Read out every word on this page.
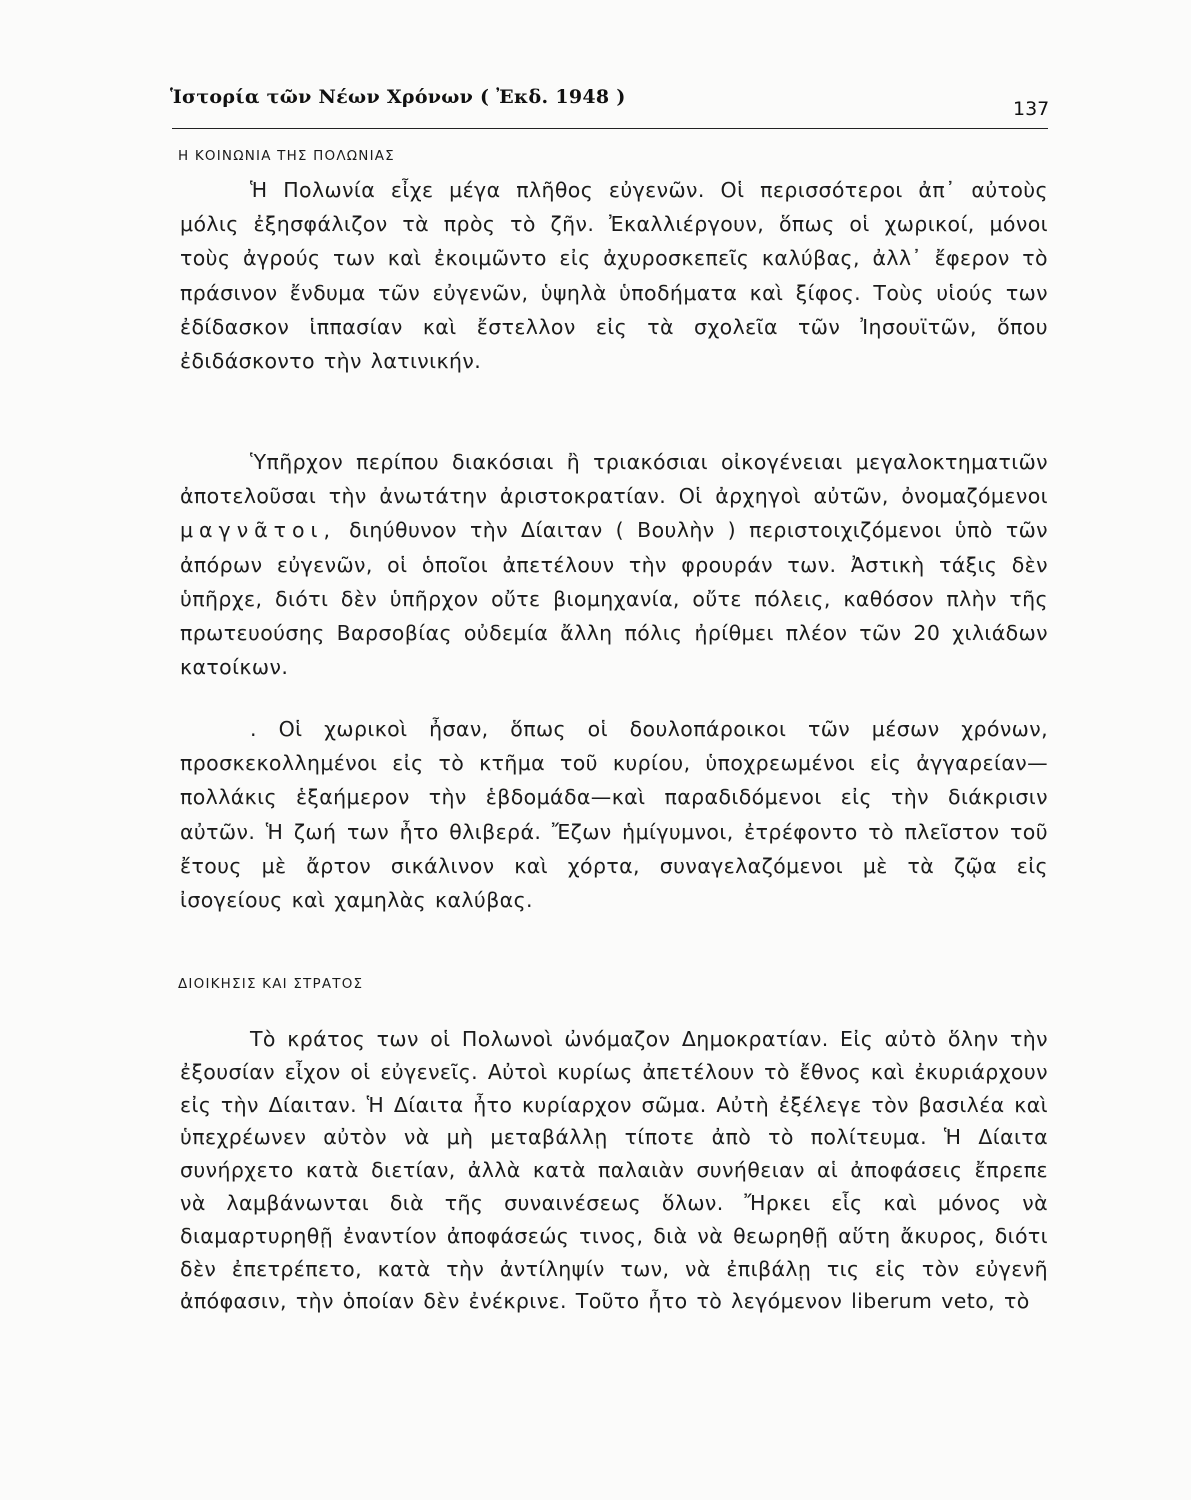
Ἱστορία τῶν Νέων Χρόνων ( Ἐκδ. 1948 )
137
Η ΚΟΙΝΩΝΙΑ ΤΗΣ ΠΟΛΩΝΙΑΣ
Ἡ Πολωνία εἶχε μέγα πλῆθος εὐγενῶν. Οἱ περισσότεροι ἀπ᾿ αὐτοὺς μόλις ἐξησφάλιζον τὰ πρὸς τὸ ζῆν. Ἐκαλλιέργουν, ὅπως οἱ χωρικοί, μόνοι τοὺς ἀγρούς των καὶ ἐκοιμῶντο εἰς ἀχυροσκεπεῖς καλύβας, ἀλλ᾿ ἔφερον τὸ πράσινον ἔνδυμα τῶν εὐγενῶν, ὑψηλὰ ὑποδήματα καὶ ξίφος. Τοὺς υἱούς των ἐδίδασκον ἱππασίαν καὶ ἔστελλον εἰς τὰ σχολεῖα τῶν Ἰησουϊτῶν, ὅπου ἐδιδάσκοντο τὴν λατινικήν.
Ὑπῆρχον περίπου διακόσιαι ἢ τριακόσιαι οἰκογένειαι μεγαλοκτηματιῶν ἀποτελοῦσαι τὴν ἀνωτάτην ἀριστοκρατίαν. Οἱ ἀρχηγοὶ αὐτῶν, ὀνομαζόμενοι μαγνᾶτοι, διηύθυνον τὴν Δίαιταν ( Βουλὴν ) περιστοιχιζόμενοι ὑπὸ τῶν ἀπόρων εὐγενῶν, οἱ ὁποῖοι ἀπετέλουν τὴν φρουράν των. Ἀστικὴ τάξις δὲν ὑπῆρχε, διότι δὲν ὑπῆρχον οὔτε βιομηχανία, οὔτε πόλεις, καθόσον πλὴν τῆς πρωτευούσης Βαρσοβίας οὐδεμία ἄλλη πόλις ἠρίθμει πλέον τῶν 20 χιλιάδων κατοίκων.
. Οἱ χωρικοὶ ἦσαν, ὅπως οἱ δουλοπάροικοι τῶν μέσων χρόνων, προσκεκολλημένοι εἰς τὸ κτῆμα τοῦ κυρίου, ὑποχρεωμένοι εἰς ἀγγαρείαν—πολλάκις ἑξαήμερον τὴν ἑβδομάδα—καὶ παραδιδόμενοι εἰς τὴν διάκρισιν αὐτῶν. Ἡ ζωή των ἦτο θλιβερά. Ἔζων ἡμίγυμνοι, ἐτρέφοντο τὸ πλεῖστον τοῦ ἔτους μὲ ἄρτον σικάλινον καὶ χόρτα, συναγελαζόμενοι μὲ τὰ ζῷα εἰς ἰσογείους καὶ χαμηλὰς καλύβας.
ΔΙΟΙΚΗΣΙΣ ΚΑΙ ΣΤΡΑΤΟΣ
Τὸ κράτος των οἱ Πολωνοὶ ὠνόμαζον Δημοκρατίαν. Εἰς αὐτὸ ὅλην τὴν ἐξουσίαν εἶχον οἱ εὐγενεῖς. Αὐτοὶ κυρίως ἀπετέλουν τὸ ἔθνος καὶ ἐκυριάρχουν εἰς τὴν Δίαιταν. Ἡ Δίαιτα ἦτο κυρίαρχον σῶμα. Αὐτὴ ἐξέλεγε τὸν βασιλέα καὶ ὑπεχρέωνεν αὐτὸν νὰ μὴ μεταβάλλῃ τίποτε ἀπὸ τὸ πολίτευμα. Ἡ Δίαιτα συνήρχετο κατὰ διετίαν, ἀλλὰ κατὰ παλαιὰν συνήθειαν αἱ ἀποφάσεις ἔπρεπε νὰ λαμβάνωνται διὰ τῆς συναινέσεως ὅλων. Ἤρκει εἷς καὶ μόνος νὰ διαμαρτυρηθῇ ἐναντίον ἀποφάσεώς τινος, διὰ νὰ θεωρηθῇ αὕτη ἄκυρος, διότι δὲν ἐπετρέπετο, κατὰ τὴν ἀντίληψίν των, νὰ ἐπιβάλῃ τις εἰς τὸν εὐγενῆ ἀπόφασιν, τὴν ὁποίαν δὲν ἐνέκρινε. Τοῦτο ἦτο τὸ λεγόμενον liberum veto, τὸ
